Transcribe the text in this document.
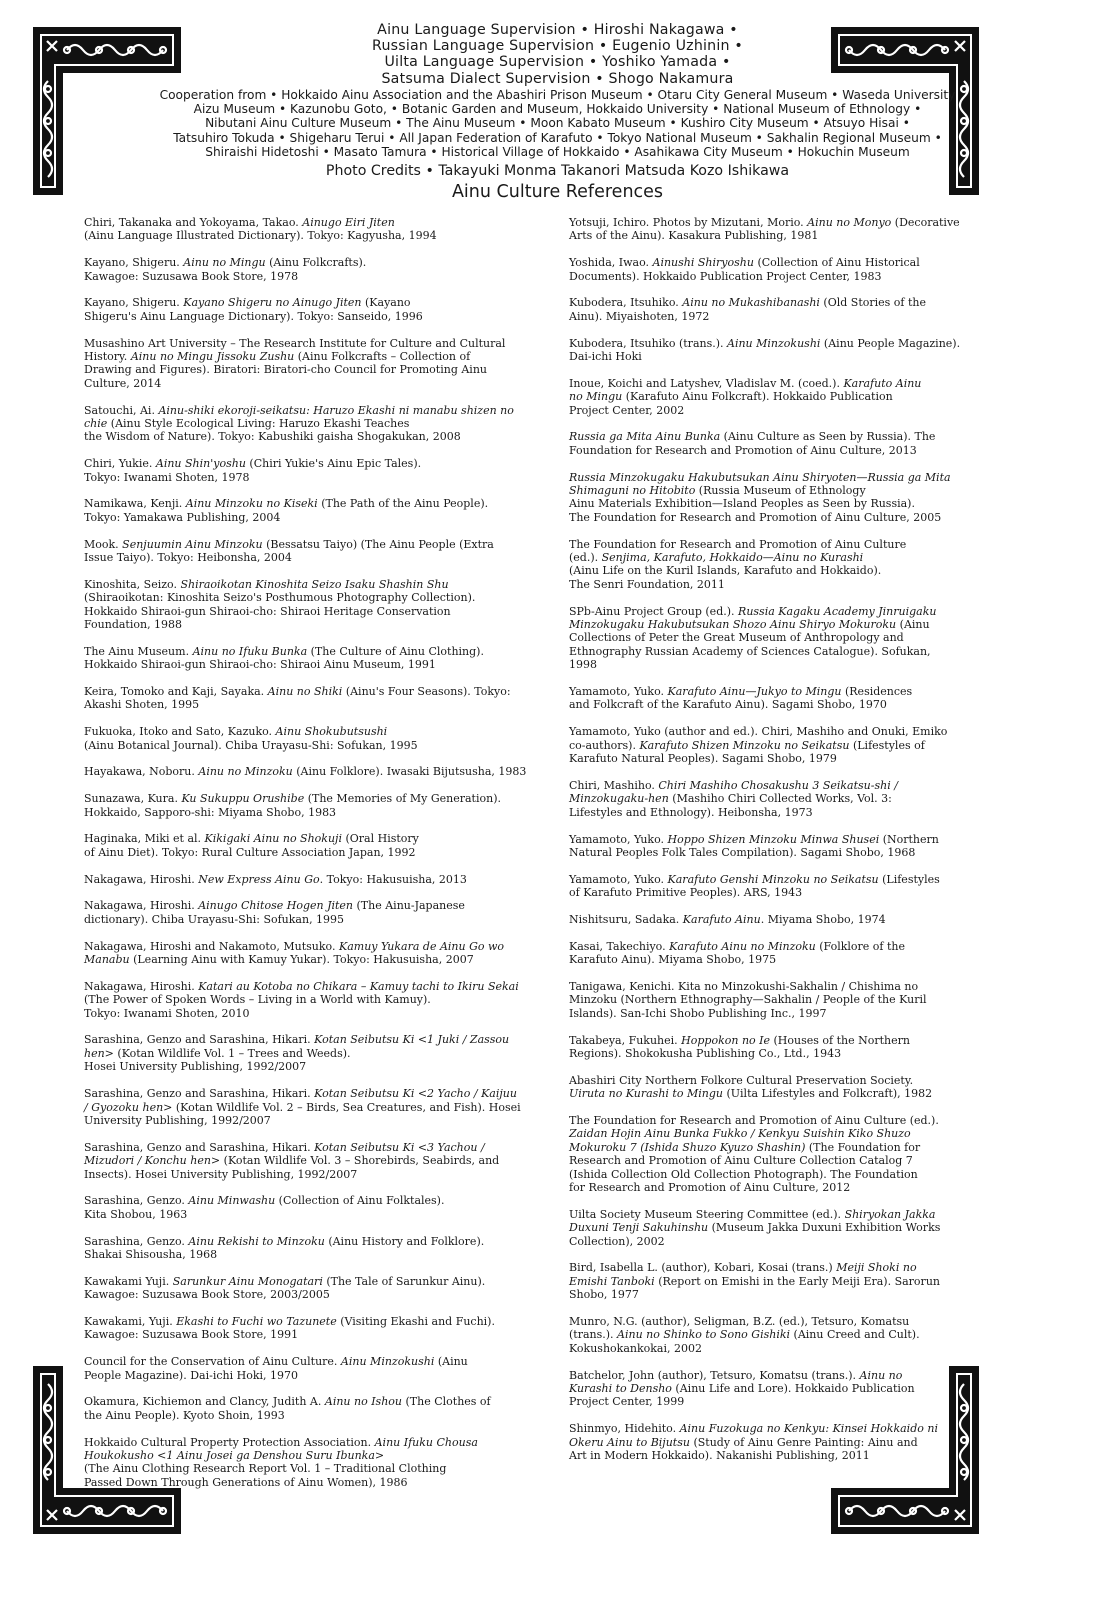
Ainu Language Supervision • Hiroshi Nakagawa •
Russian Language Supervision • Eugenio Uzhinin •
Uilta Language Supervision • Yoshiko Yamada •
Satsuma Dialect Supervision • Shogo Nakamura
Cooperation from • Hokkaido Ainu Association and the Abashiri Prison Museum • Otaru City General Museum • Waseda University
Aizu Museum • Kazunobu Goto, • Botanic Garden and Museum, Hokkaido University • National Museum of Ethnology •
Nibutani Ainu Culture Museum • The Ainu Museum • Moon Kabato Museum • Kushiro City Museum • Atsuyo Hisai •
Tatsuhiro Tokuda • Shigeharu Terui • All Japan Federation of Karafuto • Tokyo National Museum • Sakhalin Regional Museum •
Shiraishi Hidetoshi • Masato Tamura • Historical Village of Hokkaido • Asahikawa City Museum • Hokuchin Museum
Photo Credits • Takayuki Monma Takanori Matsuda Kozo Ishikawa
Ainu Culture References
Chiri, Takanaka and Yokoyama, Takao. Ainugo Eiri Jiten
(Ainu Language Illustrated Dictionary). Tokyo: Kagyusha, 1994
Kayano, Shigeru. Ainu no Mingu (Ainu Folkcrafts).
Kawagoe: Suzusawa Book Store, 1978
Kayano, Shigeru. Kayano Shigeru no Ainugo Jiten (Kayano
Shigeru's Ainu Language Dictionary). Tokyo: Sanseido, 1996
Musashino Art University – The Research Institute for Culture and Cultural
History. Ainu no Mingu Jissoku Zushu (Ainu Folkcrafts – Collection of
Drawing and Figures). Biratori: Biratori-cho Council for Promoting Ainu
Culture, 2014
Satouchi, Ai. Ainu-shiki ekoroji-seikatsu: Haruzo Ekashi ni manabu shizen no
chie (Ainu Style Ecological Living: Haruzo Ekashi Teaches
the Wisdom of Nature). Tokyo: Kabushiki gaisha Shogakukan, 2008
Chiri, Yukie. Ainu Shin'yoshu (Chiri Yukie's Ainu Epic Tales).
Tokyo: Iwanami Shoten, 1978
Namikawa, Kenji. Ainu Minzoku no Kiseki (The Path of the Ainu People).
Tokyo: Yamakawa Publishing, 2004
Mook. Senjuumin Ainu Minzoku (Bessatsu Taiyo) (The Ainu People (Extra
Issue Taiyo). Tokyo: Heibonsha, 2004
Kinoshita, Seizo. Shiraoikotan Kinoshita Seizo Isaku Shashin Shu
(Shiraoikotan: Kinoshita Seizo's Posthumous Photography Collection).
Hokkaido Shiraoi-gun Shiraoi-cho: Shiraoi Heritage Conservation
Foundation, 1988
The Ainu Museum. Ainu no Ifuku Bunka (The Culture of Ainu Clothing).
Hokkaido Shiraoi-gun Shiraoi-cho: Shiraoi Ainu Museum, 1991
Keira, Tomoko and Kaji, Sayaka. Ainu no Shiki (Ainu's Four Seasons). Tokyo:
Akashi Shoten, 1995
Fukuoka, Itoko and Sato, Kazuko. Ainu Shokubutsushi
(Ainu Botanical Journal). Chiba Urayasu-Shi: Sofukan, 1995
Hayakawa, Noboru. Ainu no Minzoku (Ainu Folklore). Iwasaki Bijutsusha, 1983
Sunazawa, Kura. Ku Sukuppu Orushibe (The Memories of My Generation).
Hokkaido, Sapporo-shi: Miyama Shobo, 1983
Haginaka, Miki et al. Kikigaki Ainu no Shokuji (Oral History
of Ainu Diet). Tokyo: Rural Culture Association Japan, 1992
Nakagawa, Hiroshi. New Express Ainu Go. Tokyo: Hakusuisha, 2013
Nakagawa, Hiroshi. Ainugo Chitose Hogen Jiten (The Ainu-Japanese
dictionary). Chiba Urayasu-Shi: Sofukan, 1995
Nakagawa, Hiroshi and Nakamoto, Mutsuko. Kamuy Yukara de Ainu Go wo
Manabu (Learning Ainu with Kamuy Yukar). Tokyo: Hakusuisha, 2007
Nakagawa, Hiroshi. Katari au Kotoba no Chikara – Kamuy tachi to Ikiru Sekai
(The Power of Spoken Words – Living in a World with Kamuy).
Tokyo: Iwanami Shoten, 2010
Sarashina, Genzo and Sarashina, Hikari. Kotan Seibutsu Ki <1 Juki / Zassou
hen> (Kotan Wildlife Vol. 1 – Trees and Weeds).
Hosei University Publishing, 1992/2007
Sarashina, Genzo and Sarashina, Hikari. Kotan Seibutsu Ki <2 Yacho / Kaijuu
/ Gyozoku hen> (Kotan Wildlife Vol. 2 – Birds, Sea Creatures, and Fish). Hosei
University Publishing, 1992/2007
Sarashina, Genzo and Sarashina, Hikari. Kotan Seibutsu Ki <3 Yachou /
Mizudori / Konchu hen> (Kotan Wildlife Vol. 3 – Shorebirds, Seabirds, and
Insects). Hosei University Publishing, 1992/2007
Sarashina, Genzo. Ainu Minwashu (Collection of Ainu Folktales).
Kita Shobou, 1963
Sarashina, Genzo. Ainu Rekishi to Minzoku (Ainu History and Folklore).
Shakai Shisousha, 1968
Kawakami Yuji. Sarunkur Ainu Monogatari (The Tale of Sarunkur Ainu).
Kawagoe: Suzusawa Book Store, 2003/2005
Kawakami, Yuji. Ekashi to Fuchi wo Tazunete (Visiting Ekashi and Fuchi).
Kawagoe: Suzusawa Book Store, 1991
Council for the Conservation of Ainu Culture. Ainu Minzokushi (Ainu
People Magazine). Dai-ichi Hoki, 1970
Okamura, Kichiemon and Clancy, Judith A. Ainu no Ishou (The Clothes of
the Ainu People). Kyoto Shoin, 1993
Hokkaido Cultural Property Protection Association. Ainu Ifuku Chousa
Houkokusho <1 Ainu Josei ga Denshou Suru Ibunka>
(The Ainu Clothing Research Report Vol. 1 – Traditional Clothing
Passed Down Through Generations of Ainu Women), 1986
Yotsuji, Ichiro. Photos by Mizutani, Morio. Ainu no Monyo (Decorative
Arts of the Ainu). Kasakura Publishing, 1981
Yoshida, Iwao. Ainushi Shiryoshu (Collection of Ainu Historical
Documents). Hokkaido Publication Project Center, 1983
Kubodera, Itsuhiko. Ainu no Mukashibanashi (Old Stories of the
Ainu). Miyaishoten, 1972
Kubodera, Itsuhiko (trans.). Ainu Minzokushi (Ainu People Magazine).
Dai-ichi Hoki
Inoue, Koichi and Latyshev, Vladislav M. (coed.). Karafuto Ainu
no Mingu (Karafuto Ainu Folkcraft). Hokkaido Publication
Project Center, 2002
Russia ga Mita Ainu Bunka (Ainu Culture as Seen by Russia). The
Foundation for Research and Promotion of Ainu Culture, 2013
Russia Minzokugaku Hakubutsukan Ainu Shiryoten—Russia ga Mita
Shimaguni no Hitobito (Russia Museum of Ethnology
Ainu Materials Exhibition—Island Peoples as Seen by Russia).
The Foundation for Research and Promotion of Ainu Culture, 2005
The Foundation for Research and Promotion of Ainu Culture
(ed.). Senjima, Karafuto, Hokkaido—Ainu no Kurashi
(Ainu Life on the Kuril Islands, Karafuto and Hokkaido).
The Senri Foundation, 2011
SPb-Ainu Project Group (ed.). Russia Kagaku Academy Jinruigaku
Minzokugaku Hakubutsukan Shozo Ainu Shiryo Mokuroku (Ainu
Collections of Peter the Great Museum of Anthropology and
Ethnography Russian Academy of Sciences Catalogue). Sofukan,
1998
Yamamoto, Yuko. Karafuto Ainu—Jukyo to Mingu (Residences
and Folkcraft of the Karafuto Ainu). Sagami Shobo, 1970
Yamamoto, Yuko (author and ed.). Chiri, Mashiho and Onuki, Emiko
co-authors). Karafuto Shizen Minzoku no Seikatsu (Lifestyles of
Karafuto Natural Peoples). Sagami Shobo, 1979
Chiri, Mashiho. Chiri Mashiho Chosakushu 3 Seikatsu-shi /
Minzokugaku-hen (Mashiho Chiri Collected Works, Vol. 3:
Lifestyles and Ethnology). Heibonsha, 1973
Yamamoto, Yuko. Hoppo Shizen Minzoku Minwa Shusei (Northern
Natural Peoples Folk Tales Compilation). Sagami Shobo, 1968
Yamamoto, Yuko. Karafuto Genshi Minzoku no Seikatsu (Lifestyles
of Karafuto Primitive Peoples). ARS, 1943
Nishitsuru, Sadaka. Karafuto Ainu. Miyama Shobo, 1974
Kasai, Takechiyo. Karafuto Ainu no Minzoku (Folklore of the
Karafuto Ainu). Miyama Shobo, 1975
Tanigawa, Kenichi. Kita no Minzokushi-Sakhalin / Chishima no
Minzoku (Northern Ethnography—Sakhalin / People of the Kuril
Islands). San-Ichi Shobo Publishing Inc., 1997
Takabeya, Fukuhei. Hoppokon no Ie (Houses of the Northern
Regions). Shokokusha Publishing Co., Ltd., 1943
Abashiri City Northern Folkore Cultural Preservation Society.
Uiruta no Kurashi to Mingu (Uilta Lifestyles and Folkcraft), 1982
The Foundation for Research and Promotion of Ainu Culture (ed.).
Zaidan Hojin Ainu Bunka Fukko / Kenkyu Suishin Kiko Shuzo
Mokuroku 7 (Ishida Shuzo Kyuzo Shashin) (The Foundation for
Research and Promotion of Ainu Culture Collection Catalog 7
(Ishida Collection Old Collection Photograph). The Foundation
for Research and Promotion of Ainu Culture, 2012
Uilta Society Museum Steering Committee (ed.). Shiryokan Jakka
Duxuni Tenji Sakuhinshu (Museum Jakka Duxuni Exhibition Works
Collection), 2002
Bird, Isabella L. (author), Kobari, Kosai (trans.) Meiji Shoki no
Emishi Tanboki (Report on Emishi in the Early Meiji Era). Sarorun
Shobo, 1977
Munro, N.G. (author), Seligman, B.Z. (ed.), Tetsuro, Komatsu
(trans.). Ainu no Shinko to Sono Gishiki (Ainu Creed and Cult).
Kokushokankokai, 2002
Batchelor, John (author), Tetsuro, Komatsu (trans.). Ainu no
Kurashi to Densho (Ainu Life and Lore). Hokkaido Publication
Project Center, 1999
Shinmyo, Hidehito. Ainu Fuzokuga no Kenkyu: Kinsei Hokkaido ni
Okeru Ainu to Bijutsu (Study of Ainu Genre Painting: Ainu and
Art in Modern Hokkaido). Nakanishi Publishing, 2011
